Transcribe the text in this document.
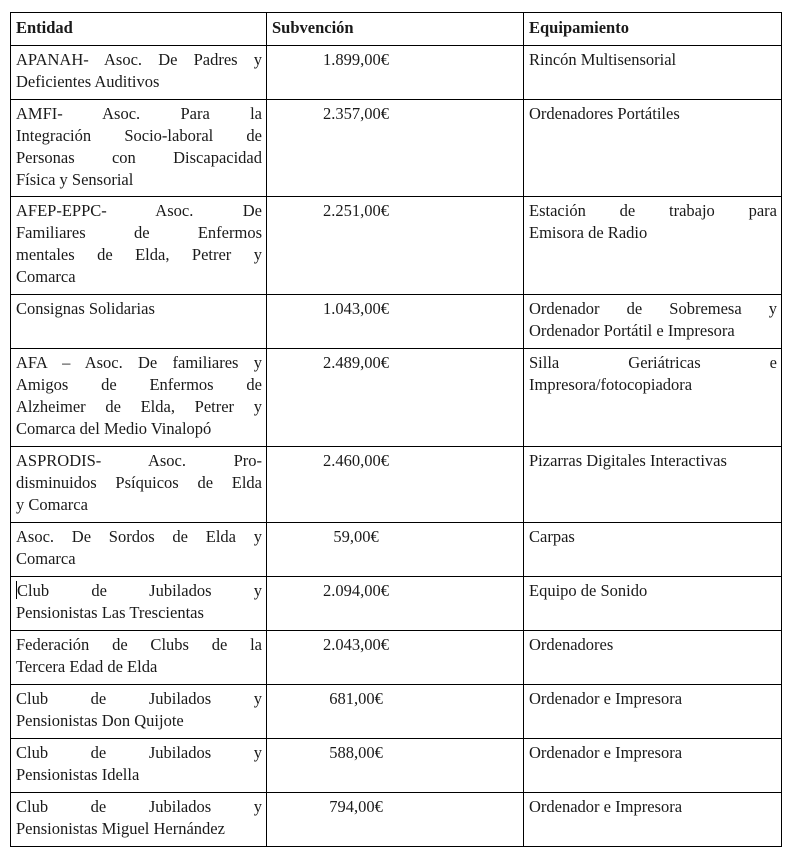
Entidad	Subvención	Equipamiento

APANAH- Asoc. De Padres y
Deficientes Auditivos	1.899,00€	Rincón Multisensorial

AMFI- Asoc. Para la
Integración Socio-laboral de
Personas con Discapacidad
Física y Sensorial	2.357,00€	Ordenadores Portátiles

AFEP-EPPC- Asoc. De
Familiares de Enfermos
mentales de Elda, Petrer y
Comarca	2.251,00€	Estación de trabajo para
Emisora de Radio

Consignas Solidarias	1.043,00€	Ordenador de Sobremesa y
Ordenador Portátil e Impresora

AFA – Asoc. De familiares y
Amigos de Enfermos de
Alzheimer de Elda, Petrer y
Comarca del Medio Vinalopó	2.489,00€	Silla Geriátricas e
Impresora/fotocopiadora

ASPRODIS- Asoc. Pro-
disminuidos Psíquicos de Elda
y Comarca	2.460,00€	Pizarras Digitales Interactivas

Asoc. De Sordos de Elda y
Comarca	59,00€	Carpas

Club de Jubilados y
Pensionistas Las Trescientas	2.094,00€	Equipo de Sonido

Federación de Clubs de la
Tercera Edad de Elda	2.043,00€	Ordenadores

Club de Jubilados y
Pensionistas Don Quijote	681,00€	Ordenador e Impresora

Club de Jubilados y
Pensionistas Idella	588,00€	Ordenador e Impresora

Club de Jubilados y
Pensionistas Miguel Hernández	794,00€	Ordenador e Impresora
